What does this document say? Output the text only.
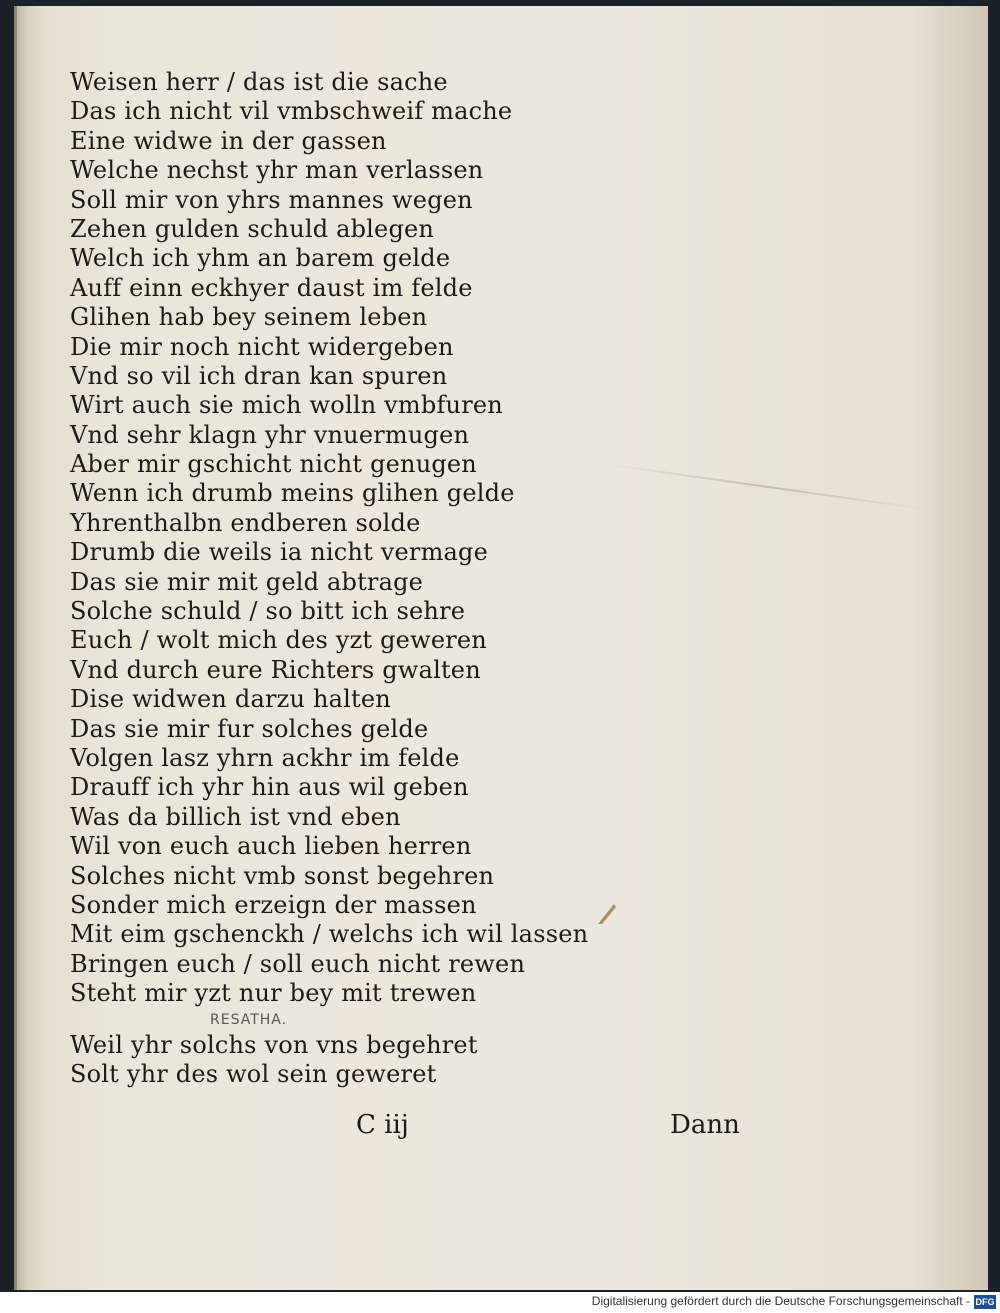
Weisen herr / das ist die sache
Das ich nicht vil vmbschweif mache
Eine widwe in der gassen
Welche nechst yhr man verlassen
Soll mir von yhrs mannes wegen
Zehen gulden schuld ablegen
Welch ich yhm an barem gelde
Auff einn eckhyer daust im felde
Glihen hab bey seinem leben
Die mir noch nicht widergeben
Vnd so vil ich dran kan spuren
Wirt auch sie mich wolln vmbfuren
Vnd sehr klagn yhr vnuermugen
Aber mir gschicht nicht genugen
Wenn ich drumb meins glihen gelde
Yhrenthalbn endberen solde
Drumb die weils ia nicht vermage
Das sie mir mit geld abtrage
Solche schuld / so bitt ich sehre
Euch / wolt mich des yzt geweren
Vnd durch eure Richters gwalten
Dise widwen darzu halten
Das sie mir fur solches gelde
Volgen lasz yhrn ackhr im felde
Drauff ich yhr hin aus wil geben
Was da billich ist vnd eben
Wil von euch auch lieben herren
Solches nicht vmb sonst begehren
Sonder mich erzeign der massen
Mit eim gschenckh / welchs ich wil lassen
Bringen euch / soll euch nicht rewen
Steht mir yzt nur bey mit trewen
RESATHA.
Weil yhr solchs von vns begehret
Solt yhr des wol sein geweret
C iij	Dann
Digitalisierung gefördert durch die Deutsche Forschungsgemeinschaft - DFG
